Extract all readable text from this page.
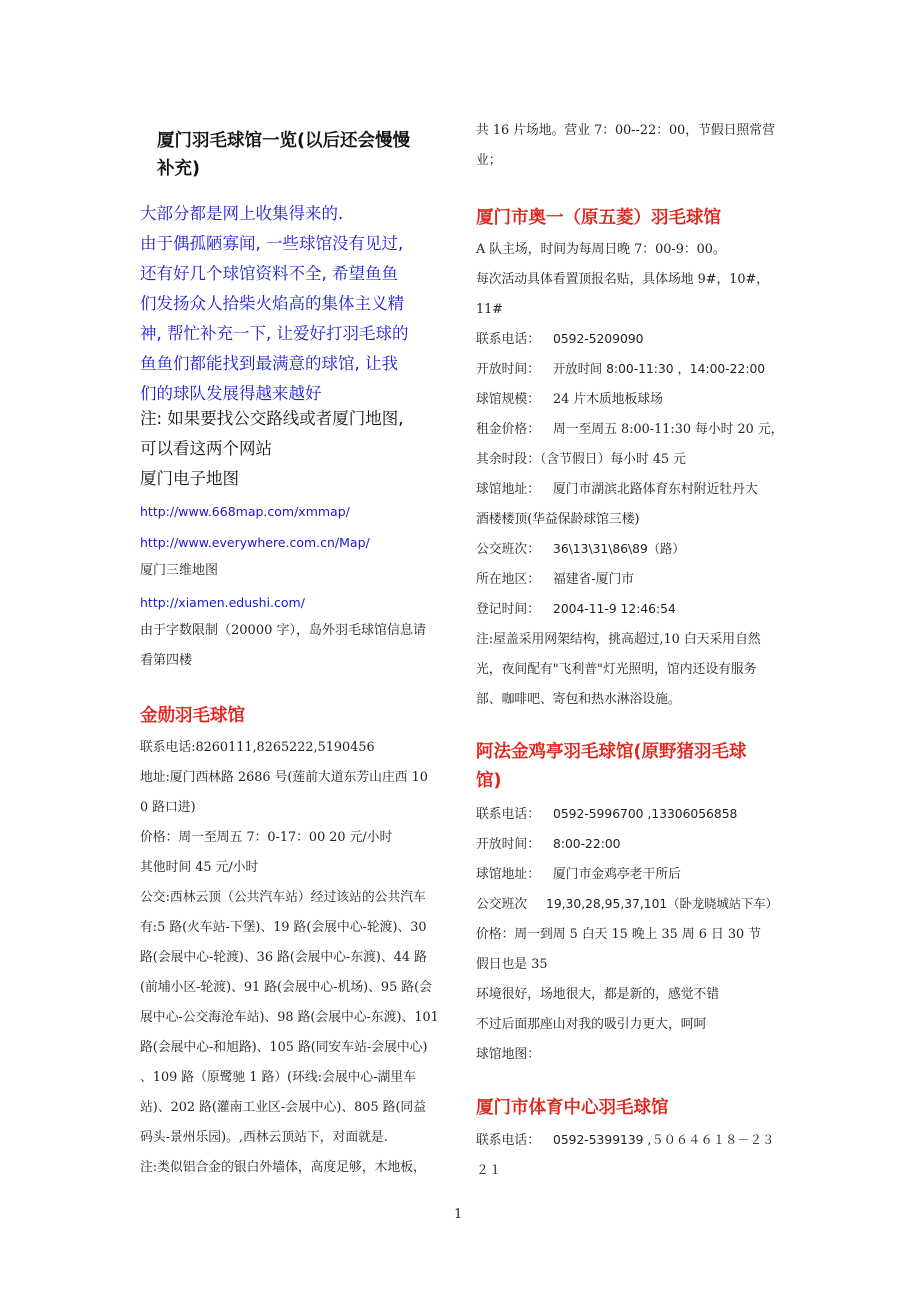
厦门羽毛球馆一览(以后还会慢慢
补充)
大部分都是网上收集得来的.
由于偶孤陋寡闻, 一些球馆没有见过,
还有好几个球馆资料不全, 希望鱼鱼
们发扬众人拾柴火焰高的集体主义精
神, 帮忙补充一下, 让爱好打羽毛球的
鱼鱼们都能找到最满意的球馆, 让我
们的球队发展得越来越好
注: 如果要找公交路线或者厦门地图,
可以看这两个网站
厦门电子地图
http://www.668map.com/xmmap/
http://www.everywhere.com.cn/Map/
厦门三维地图
http://xiamen.edushi.com/
由于字数限制（20000 字），岛外羽毛球馆信息请
看第四楼
金勋羽毛球馆
联系电话:8260111,8265222,5190456
地址:厦门西林路 2686 号(莲前大道东芳山庄西 10
0 路口进)
价格：周一至周五 7：0-17：00 20 元/小时
其他时间 45 元/小时
公交:西林云顶（公共汽车站）经过该站的公共汽车
有:5 路(火车站-下堡)、19 路(会展中心-轮渡)、30
路(会展中心-轮渡)、36 路(会展中心-东渡)、44 路
(前埔小区-轮渡)、91 路(会展中心-机场)、95 路(会
展中心-公交海沧车站)、98 路(会展中心-东渡)、101
路(会展中心-和旭路)、105 路(同安车站-会展中心)
、109 路（原鹭驰 1 路）(环线:会展中心-湖里车
站)、202 路(灌南工业区-会展中心)、805 路(同益
码头-景州乐园)。,西林云顶站下，对面就是.
注:类似铝合金的银白外墙体，高度足够，木地板，
共 16 片场地。营业 7：00--22：00，节假日照常营
业；
厦门市奥一（原五菱）羽毛球馆
A 队主场，时间为每周日晚 7：00-9：00。
每次活动具体看置顶报名贴，具体场地 9#，10#，
11#
联系电话： 0592-5209090
开放时间： 开放时间 8:00-11:30 ，14:00-22:00
球馆规模： 24 片木质地板球场
租金价格： 周一至周五 8:00-11:30 每小时 20 元，
其余时段：（含节假日）每小时 45 元
球馆地址： 厦门市湖滨北路体育东村附近牡丹大
酒楼楼顶(华益保龄球馆三楼)
公交班次： 36\13\31\86\89（路）
所在地区： 福建省-厦门市
登记时间： 2004-11-9 12:46:54
注:屋盖采用网架结构，挑高超过,10 白天采用自然
光，夜间配有"飞利普"灯光照明，馆内还设有服务
部、咖啡吧、寄包和热水淋浴设施。
阿法金鸡亭羽毛球馆(原野猪羽毛球
馆)
联系电话： 0592-5996700 ,13306056858
开放时间： 8:00-22:00
球馆地址： 厦门市金鸡亭老干所后
公交班次 19,30,28,95,37,101（卧龙晓城站下车）
价格：周一到周 5 白天 15 晚上 35 周 6 日 30 节
假日也是 35
环境很好，场地很大，都是新的，感觉不错
不过后面那座山对我的吸引力更大，呵呵
球馆地图：
厦门市体育中心羽毛球馆
联系电话： 0592-5399139 ,５０６４６１８－２３
２１
1
